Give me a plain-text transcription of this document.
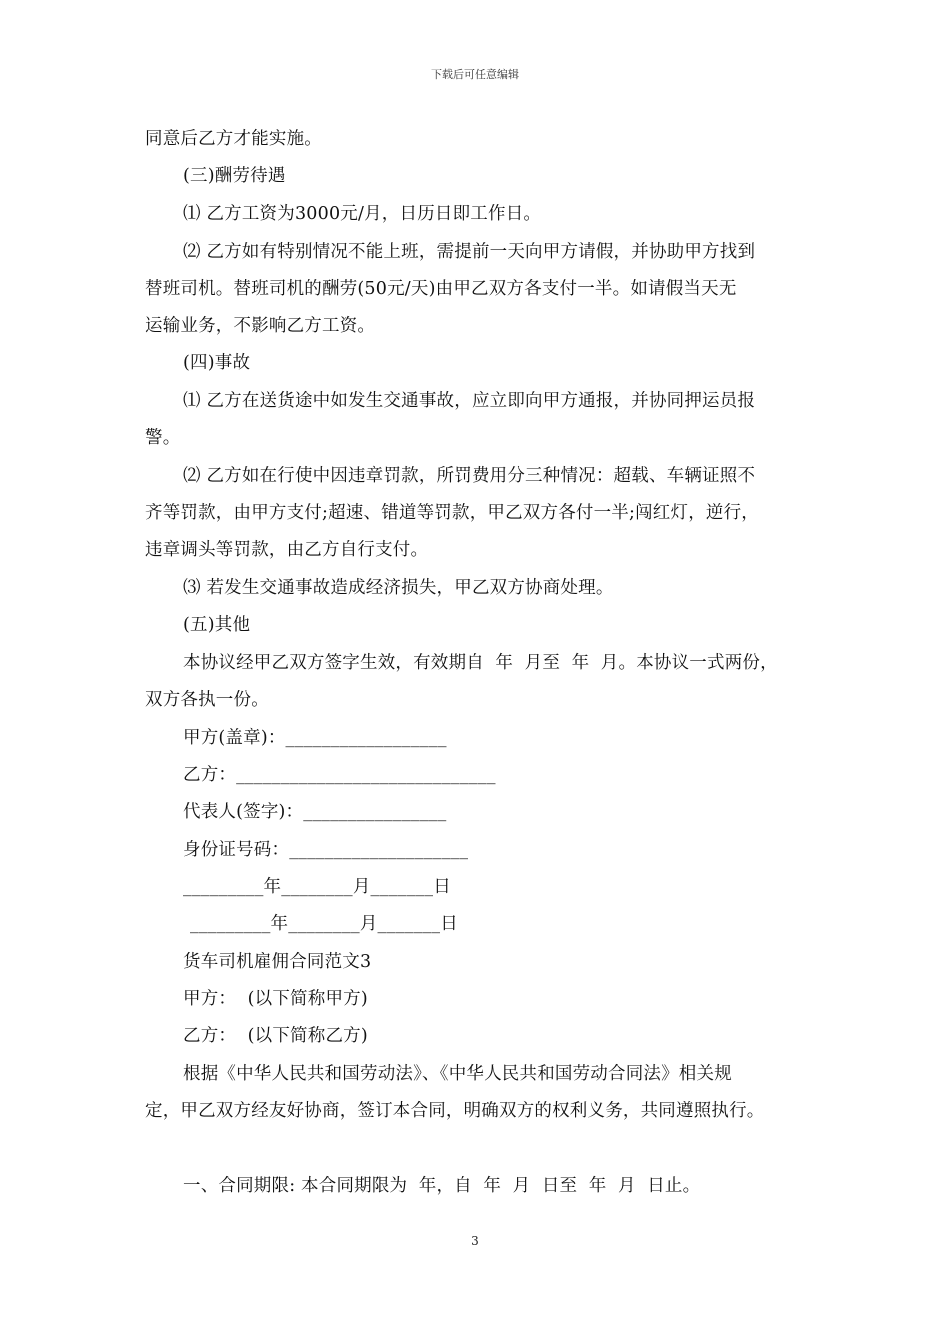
下载后可任意编辑
同意后乙方才能实施。
(三)酬劳待遇
⑴ 乙方工资为3000元/月，日历日即工作日。
⑵ 乙方如有特别情况不能上班，需提前一天向甲方请假，并协助甲方找到
替班司机。替班司机的酬劳(50元/天)由甲乙双方各支付一半。如请假当天无
运输业务，不影响乙方工资。
(四)事故
⑴ 乙方在送货途中如发生交通事故，应立即向甲方通报，并协同押运员报
警。
⑵ 乙方如在行使中因违章罚款，所罚费用分三种情况：超载、车辆证照不
齐等罚款，由甲方支付;超速、错道等罚款，甲乙双方各付一半;闯红灯，逆行，
违章调头等罚款，由乙方自行支付。
⑶ 若发生交通事故造成经济损失，甲乙双方协商处理。
(五)其他
本协议经甲乙双方签字生效，有效期自  年  月至  年  月。本协议一式两份，
双方各执一份。
甲方(盖章)：__________________
乙方：_____________________________
代表人(签字)：________________
身份证号码：____________________
_________年________月_______日
_________年________月_______日
货车司机雇佣合同范文3
甲方：  (以下简称甲方)
乙方：  (以下简称乙方)
根据《中华人民共和国劳动法》、《中华人民共和国劳动合同法》相关规
定，甲乙双方经友好协商，签订本合同，明确双方的权利义务，共同遵照执行。
一、合同期限: 本合同期限为  年，自  年  月  日至  年  月  日止。
3
